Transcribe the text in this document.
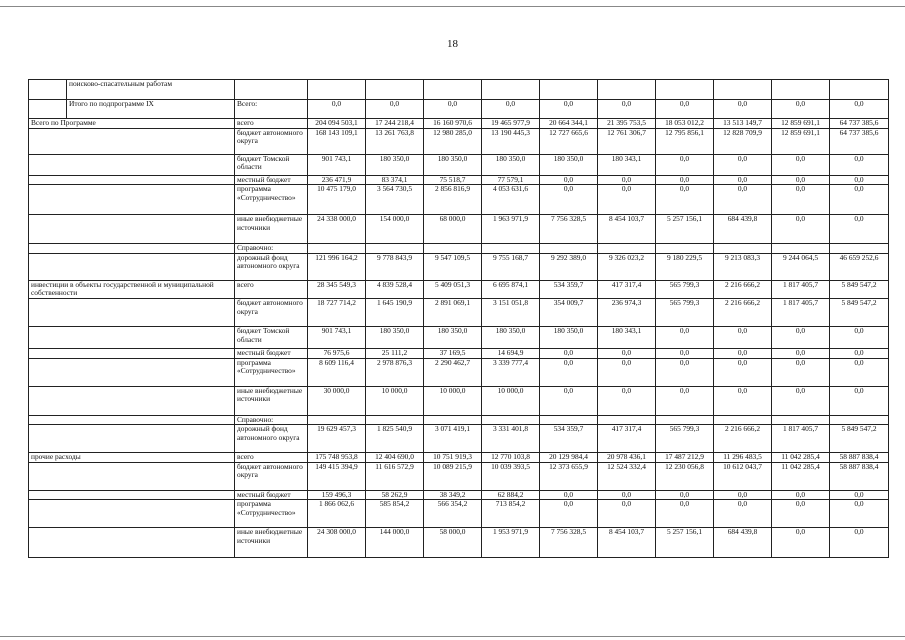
18
	поисково-спасательным работам											
	Итого по подпрограмме IX	Всего:	0,0	0,0	0,0	0,0	0,0	0,0	0,0	0,0	0,0	0,0
Всего по Программе		всего	204 094 503,1	17 244 218,4	16 160 970,6	19 465 977,9	20 664 344,1	21 395 753,5	18 053 012,2	13 513 149,7	12 859 691,1	64 737 385,6
		бюджет автономного округа	168 143 109,1	13 261 763,8	12 980 285,0	13 190 445,3	12 727 665,6	12 761 306,7	12 795 856,1	12 828 709,9	12 859 691,1	64 737 385,6
		бюджет Томской области	901 743,1	180 350,0	180 350,0	180 350,0	180 350,0	180 343,1	0,0	0,0	0,0	0,0
		местный бюджет	236 471,9	83 374,1	75 518,7	77 579,1	0,0	0,0	0,0	0,0	0,0	0,0
		программа «Сотрудничество»	10 475 179,0	3 564 730,5	2 856 816,9	4 053 631,6	0,0	0,0	0,0	0,0	0,0	0,0
		иные внебюджетные источники	24 338 000,0	154 000,0	68 000,0	1 963 971,9	7 756 328,5	8 454 103,7	5 257 156,1	684 439,8	0,0	0,0
		Справочно:										
		дорожный фонд автономного округа	121 996 164,2	9 778 843,9	9 547 109,5	9 755 168,7	9 292 389,0	9 326 023,2	9 180 229,5	9 213 083,3	9 244 064,5	46 659 252,6
инвестиции в объекты государственной и муниципальной собственности		всего	28 345 549,3	4 839 528,4	5 409 051,3	6 695 874,1	534 359,7	417 317,4	565 799,3	2 216 666,2	1 817 405,7	5 849 547,2
		бюджет автономного округа	18 727 714,2	1 645 190,9	2 891 069,1	3 151 051,8	354 009,7	236 974,3	565 799,3	2 216 666,2	1 817 405,7	5 849 547,2
		бюджет Томской области	901 743,1	180 350,0	180 350,0	180 350,0	180 350,0	180 343,1	0,0	0,0	0,0	0,0
		местный бюджет	76 975,6	25 111,2	37 169,5	14 694,9	0,0	0,0	0,0	0,0	0,0	0,0
		программа «Сотрудничество»	8 609 116,4	2 978 876,3	2 290 462,7	3 339 777,4	0,0	0,0	0,0	0,0	0,0	0,0
		иные внебюджетные источники	30 000,0	10 000,0	10 000,0	10 000,0	0,0	0,0	0,0	0,0	0,0	0,0
		Справочно:										
		дорожный фонд автономного округа	19 629 457,3	1 825 540,9	3 071 419,1	3 331 401,8	534 359,7	417 317,4	565 799,3	2 216 666,2	1 817 405,7	5 849 547,2
прочие расходы		всего	175 748 953,8	12 404 690,0	10 751 919,3	12 770 103,8	20 129 984,4	20 978 436,1	17 487 212,9	11 296 483,5	11 042 285,4	58 887 838,4
		бюджет автономного округа	149 415 394,9	11 616 572,9	10 089 215,9	10 039 393,5	12 373 655,9	12 524 332,4	12 230 056,8	10 612 043,7	11 042 285,4	58 887 838,4
		местный бюджет	159 496,3	58 262,9	38 349,2	62 884,2	0,0	0,0	0,0	0,0	0,0	0,0
		программа «Сотрудничество»	1 866 062,6	585 854,2	566 354,2	713 854,2	0,0	0,0	0,0	0,0	0,0	0,0
		иные внебюджетные источники	24 308 000,0	144 000,0	58 000,0	1 953 971,9	7 756 328,5	8 454 103,7	5 257 156,1	684 439,8	0,0	0,0
